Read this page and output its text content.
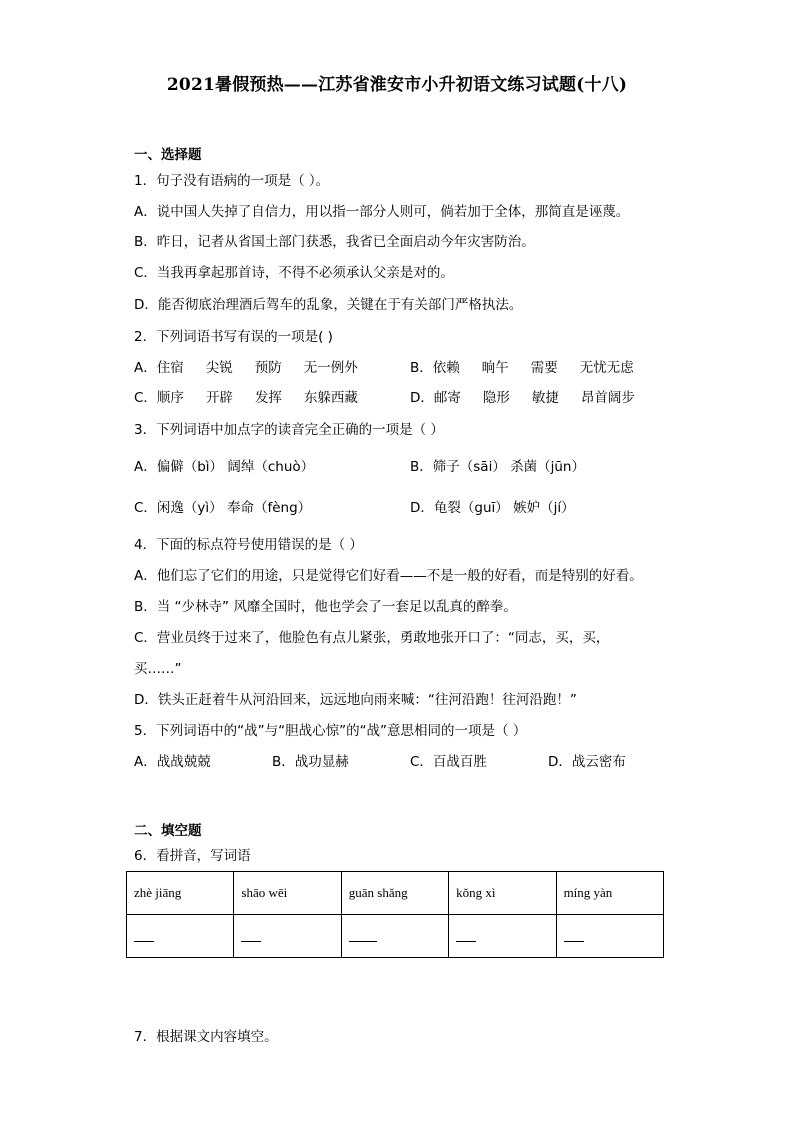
2021暑假预热——江苏省淮安市小升初语文练习试题(十八)
一、选择题
1．句子没有语病的一项是（ ）。
A．说中国人失掉了自信力，用以指一部分人则可，倘若加于全体，那简直是诬蔑。
B．昨日，记者从省国土部门获悉，我省已全面启动今年灾害防治。
C．当我再拿起那首诗，不得不必须承认父亲是对的。
D．能否彻底治理酒后驾车的乱象，关键在于有关部门严格执法。
2．下列词语书写有误的一项是( )
A．住宿 尖锐 预防 无一例外	B．依赖 晌午 需要 无忧无虑
C．顺序 开辟 发挥 东躲西藏	D．邮寄 隐形 敏捷 昂首阔步
3．下列词语中加点字的读音完全正确的一项是（ ）
A．偏僻（bì） 阔绰（chuò）	B．筛子（sāi） 杀菌（jūn）
C．闲逸（yì） 奉命（fèng）	D．龟裂（guī） 嫉妒（jí）
4．下面的标点符号使用错误的是（ ）
A．他们忘了它们的用途，只是觉得它们好看——不是一般的好看，而是特别的好看。
B．当 “少林寺” 风靡全国时，他也学会了一套足以乱真的醉拳。
C．营业员终于过来了，他脸色有点儿紧张，勇敢地张开口了：“同志，买，买，
买……”
D．铁头正赶着牛从河沿回来，远远地向雨来喊：“往河沿跑！往河沿跑！”
5．下列词语中的“战”与“胆战心惊”的“战”意思相同的一项是（ ）
A．战战兢兢	B．战功显赫	C．百战百胜	D．战云密布
二、填空题
6．看拼音，写词语
zhè jiāng	shāo wēi	guān shǎng	kǒng xì	míng yàn

7．根据课文内容填空。
